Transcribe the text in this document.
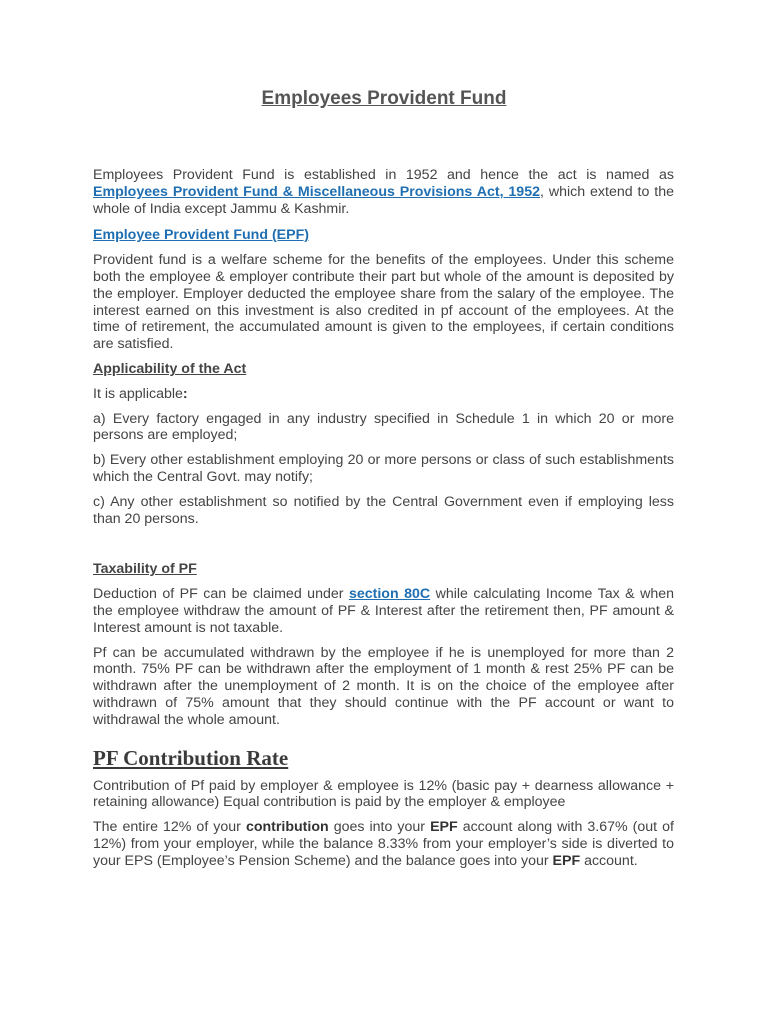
Employees Provident Fund

Employees Provident Fund is established in 1952 and hence the act is named as Employees Provident Fund & Miscellaneous Provisions Act, 1952, which extend to the whole of India except Jammu & Kashmir.

Employee Provident Fund (EPF)

Provident fund is a welfare scheme for the benefits of the employees. Under this scheme both the employee & employer contribute their part but whole of the amount is deposited by the employer. Employer deducted the employee share from the salary of the employee. The interest earned on this investment is also credited in pf account of the employees. At the time of retirement, the accumulated amount is given to the employees, if certain conditions are satisfied.

Applicability of the Act

It is applicable:

a) Every factory engaged in any industry specified in Schedule 1 in which 20 or more persons are employed;

b) Every other establishment employing 20 or more persons or class of such establishments which the Central Govt. may notify;

c) Any other establishment so notified by the Central Government even if employing less than 20 persons.

Taxability of PF

Deduction of PF can be claimed under section 80C while calculating Income Tax & when the employee withdraw the amount of PF & Interest after the retirement then, PF amount & Interest amount is not taxable.

Pf can be accumulated withdrawn by the employee if he is unemployed for more than 2 month. 75% PF can be withdrawn after the employment of 1 month & rest 25% PF can be withdrawn after the unemployment of 2 month. It is on the choice of the employee after withdrawn of 75% amount that they should continue with the PF account or want to withdrawal the whole amount.

PF Contribution Rate

Contribution of Pf paid by employer & employee is 12% (basic pay + dearness allowance + retaining allowance) Equal contribution is paid by the employer & employee

The entire 12% of your contribution goes into your EPF account along with 3.67% (out of 12%) from your employer, while the balance 8.33% from your employer’s side is diverted to your EPS (Employee’s Pension Scheme) and the balance goes into your EPF account.
